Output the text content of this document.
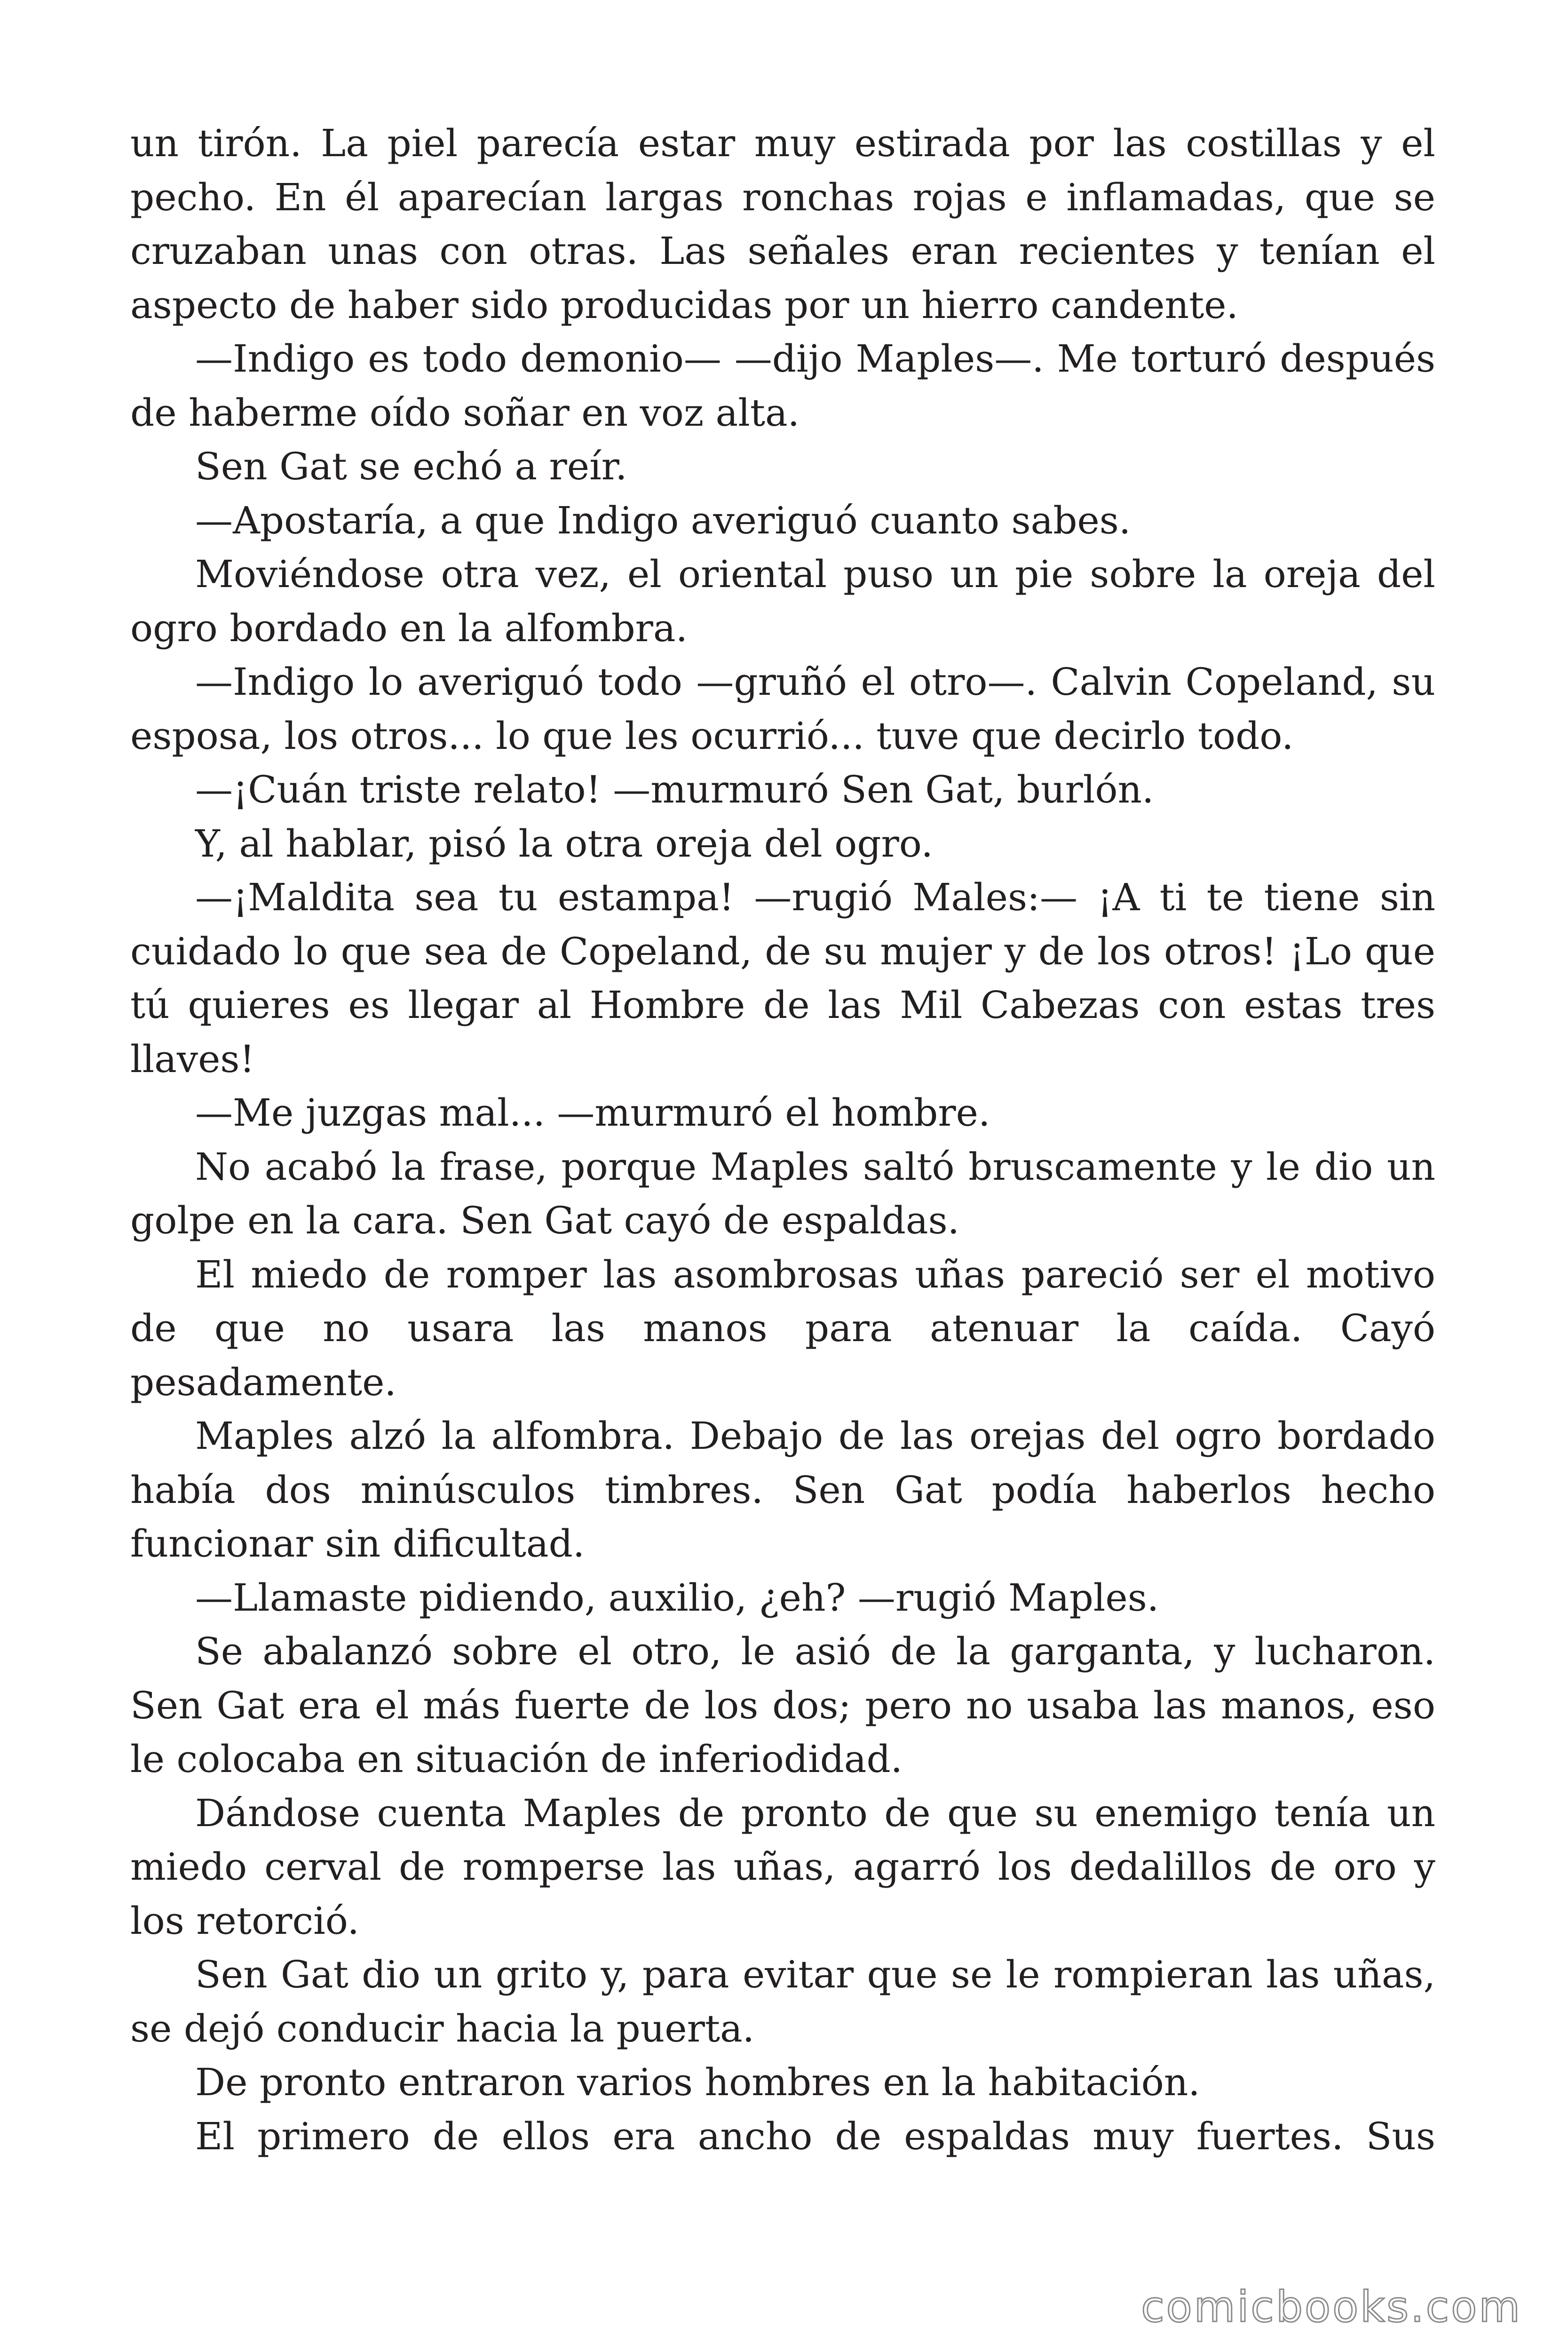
un tirón. La piel parecía estar muy estirada por las costillas y el pecho. En él aparecían largas ronchas rojas e inflamadas, que se cruzaban unas con otras. Las señales eran recientes y tenían el aspecto de haber sido producidas por un hierro candente.

—Indigo es todo demonio— —dijo Maples—. Me torturó después de haberme oído soñar en voz alta.

Sen Gat se echó a reír.

—Apostaría, a que Indigo averiguó cuanto sabes.

Moviéndose otra vez, el oriental puso un pie sobre la oreja del ogro bordado en la alfombra.

—Indigo lo averiguó todo —gruñó el otro—. Calvin Copeland, su esposa, los otros... lo que les ocurrió... tuve que decirlo todo.

—¡Cuán triste relato! —murmuró Sen Gat, burlón.

Y, al hablar, pisó la otra oreja del ogro.

—¡Maldita sea tu estampa! —rugió Males:— ¡A ti te tiene sin cuidado lo que sea de Copeland, de su mujer y de los otros! ¡Lo que tú quieres es llegar al Hombre de las Mil Cabezas con estas tres llaves!

—Me juzgas mal... —murmuró el hombre.

No acabó la frase, porque Maples saltó bruscamente y le dio un golpe en la cara. Sen Gat cayó de espaldas.

El miedo de romper las asombrosas uñas pareció ser el motivo de que no usara las manos para atenuar la caída. Cayó pesadamente.

Maples alzó la alfombra. Debajo de las orejas del ogro bordado había dos minúsculos timbres. Sen Gat podía haberlos hecho funcionar sin dificultad.

—Llamaste pidiendo, auxilio, ¿eh? —rugió Maples.

Se abalanzó sobre el otro, le asió de la garganta, y lucharon. Sen Gat era el más fuerte de los dos; pero no usaba las manos, eso le colocaba en situación de inferiodidad.

Dándose cuenta Maples de pronto de que su enemigo tenía un miedo cerval de romperse las uñas, agarró los dedalillos de oro y los retorció.

Sen Gat dio un grito y, para evitar que se le rompieran las uñas, se dejó conducir hacia la puerta.

De pronto entraron varios hombres en la habitación.

El primero de ellos era ancho de espaldas muy fuertes. Sus

comicbooks.com
